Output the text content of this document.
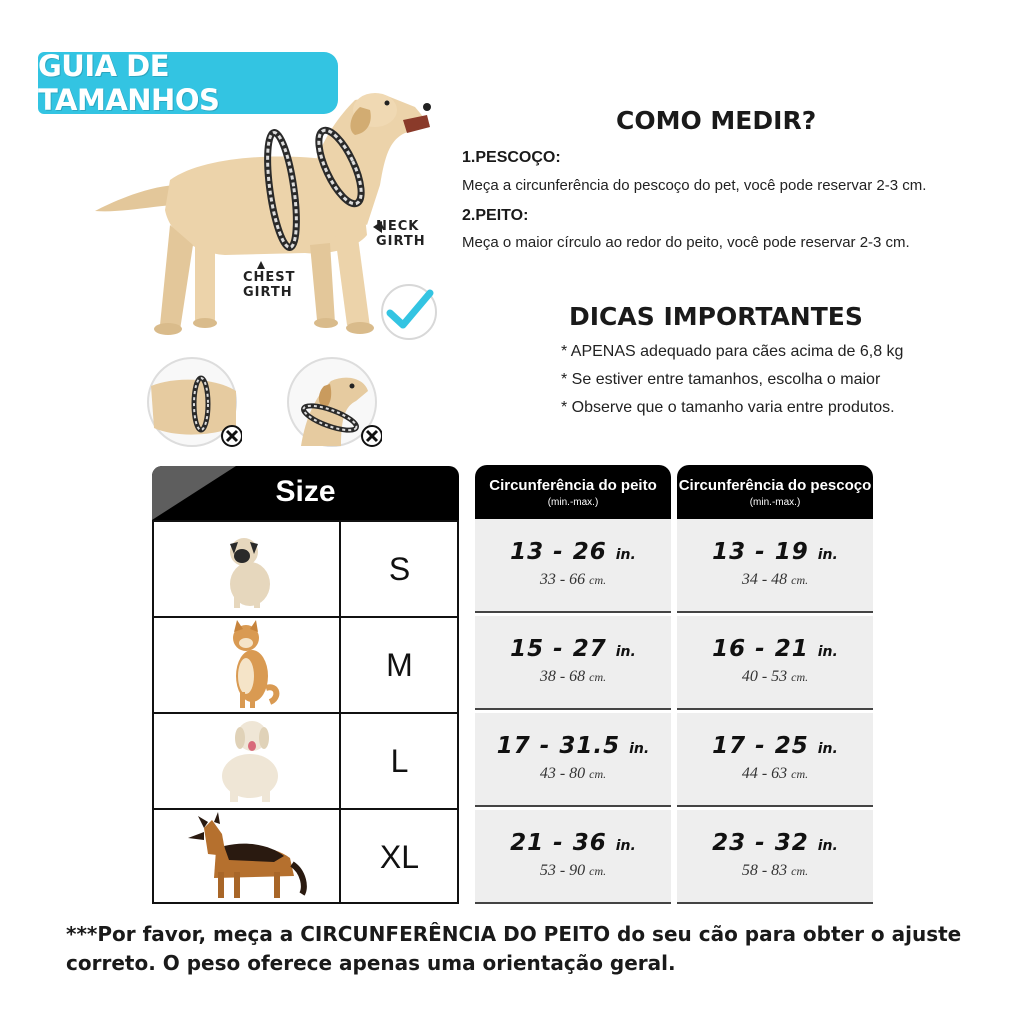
GUIA DE TAMANHOS
NECK
GIRTH
CHEST
GIRTH
COMO MEDIR?
1.PESCOÇO:
Meça a circunferência do pescoço do pet, você pode reservar 2-3 cm.
2.PEITO:
Meça o maior círculo ao redor do peito, você pode reservar 2-3 cm.
DICAS IMPORTANTES
* APENAS adequado para cães acima de 6,8 kg
* Se estiver entre tamanhos, escolha o maior
* Observe que o tamanho varia entre produtos.
Size	Circunferência do peito
(min.-max.)
Circunferência do pescoço
(min.-max.)
S
M
L
XL
13 - 26 in.
33 - 66 cm.
15 - 27 in.
38 - 68 cm.
17 - 31.5 in.
43 - 80 cm.
21 - 36 in.
53 - 90 cm.
13 - 19 in.
34 - 48 cm.
16 - 21 in.
40 - 53 cm.
17 - 25 in.
44 - 63 cm.
23 - 32 in.
58 - 83 cm.
***Por favor, meça a CIRCUNFERÊNCIA DO PEITO do seu cão para obter o ajuste correto. O peso oferece apenas uma orientação geral.
